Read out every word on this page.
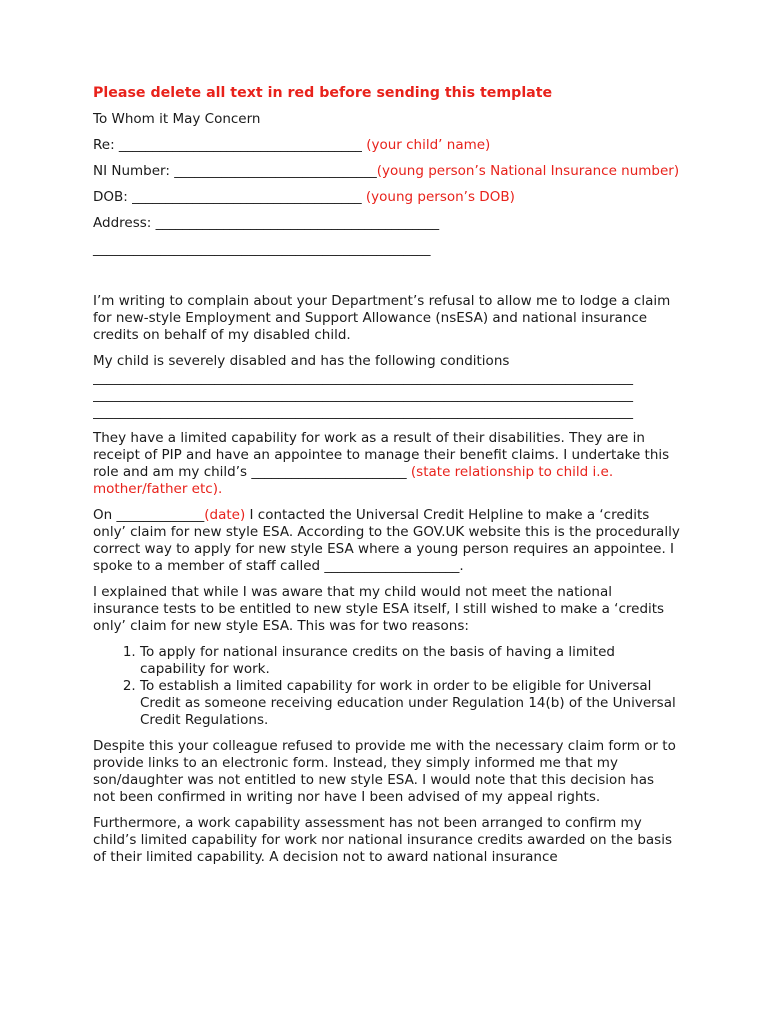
Please delete all text in red before sending this template

To Whom it May Concern

Re: ____________________________________ (your child’ name)

NI Number: ______________________________(young person’s National Insurance number)

DOB: __________________________________ (young person’s DOB)

Address: __________________________________________

__________________________________________________

I’m writing to complain about your Department’s refusal to allow me to lodge a claim for new-style Employment and Support Allowance (nsESA) and national insurance credits on behalf of my disabled child.

My child is severely disabled and has the following conditions
________________________________________________________________________________
________________________________________________________________________________
________________________________________________________________________________

They have a limited capability for work as a result of their disabilities. They are in receipt of PIP and have an appointee to manage their benefit claims. I undertake this role and am my child’s _______________________ (state relationship to child i.e. mother/father etc).

On _____________(date) I contacted the Universal Credit Helpline to make a ‘credits only’ claim for new style ESA. According to the GOV.UK website this is the procedurally correct way to apply for new style ESA where a young person requires an appointee. I spoke to a member of staff called ____________________.

I explained that while I was aware that my child would not meet the national insurance tests to be entitled to new style ESA itself, I still wished to make a ‘credits only’ claim for new style ESA. This was for two reasons:

1. To apply for national insurance credits on the basis of having a limited capability for work.
2. To establish a limited capability for work in order to be eligible for Universal Credit as someone receiving education under Regulation 14(b) of the Universal Credit Regulations.

Despite this your colleague refused to provide me with the necessary claim form or to provide links to an electronic form. Instead, they simply informed me that my son/daughter was not entitled to new style ESA. I would note that this decision has not been confirmed in writing nor have I been advised of my appeal rights.

Furthermore, a work capability assessment has not been arranged to confirm my child’s limited capability for work nor national insurance credits awarded on the basis of their limited capability. A decision not to award national insurance
